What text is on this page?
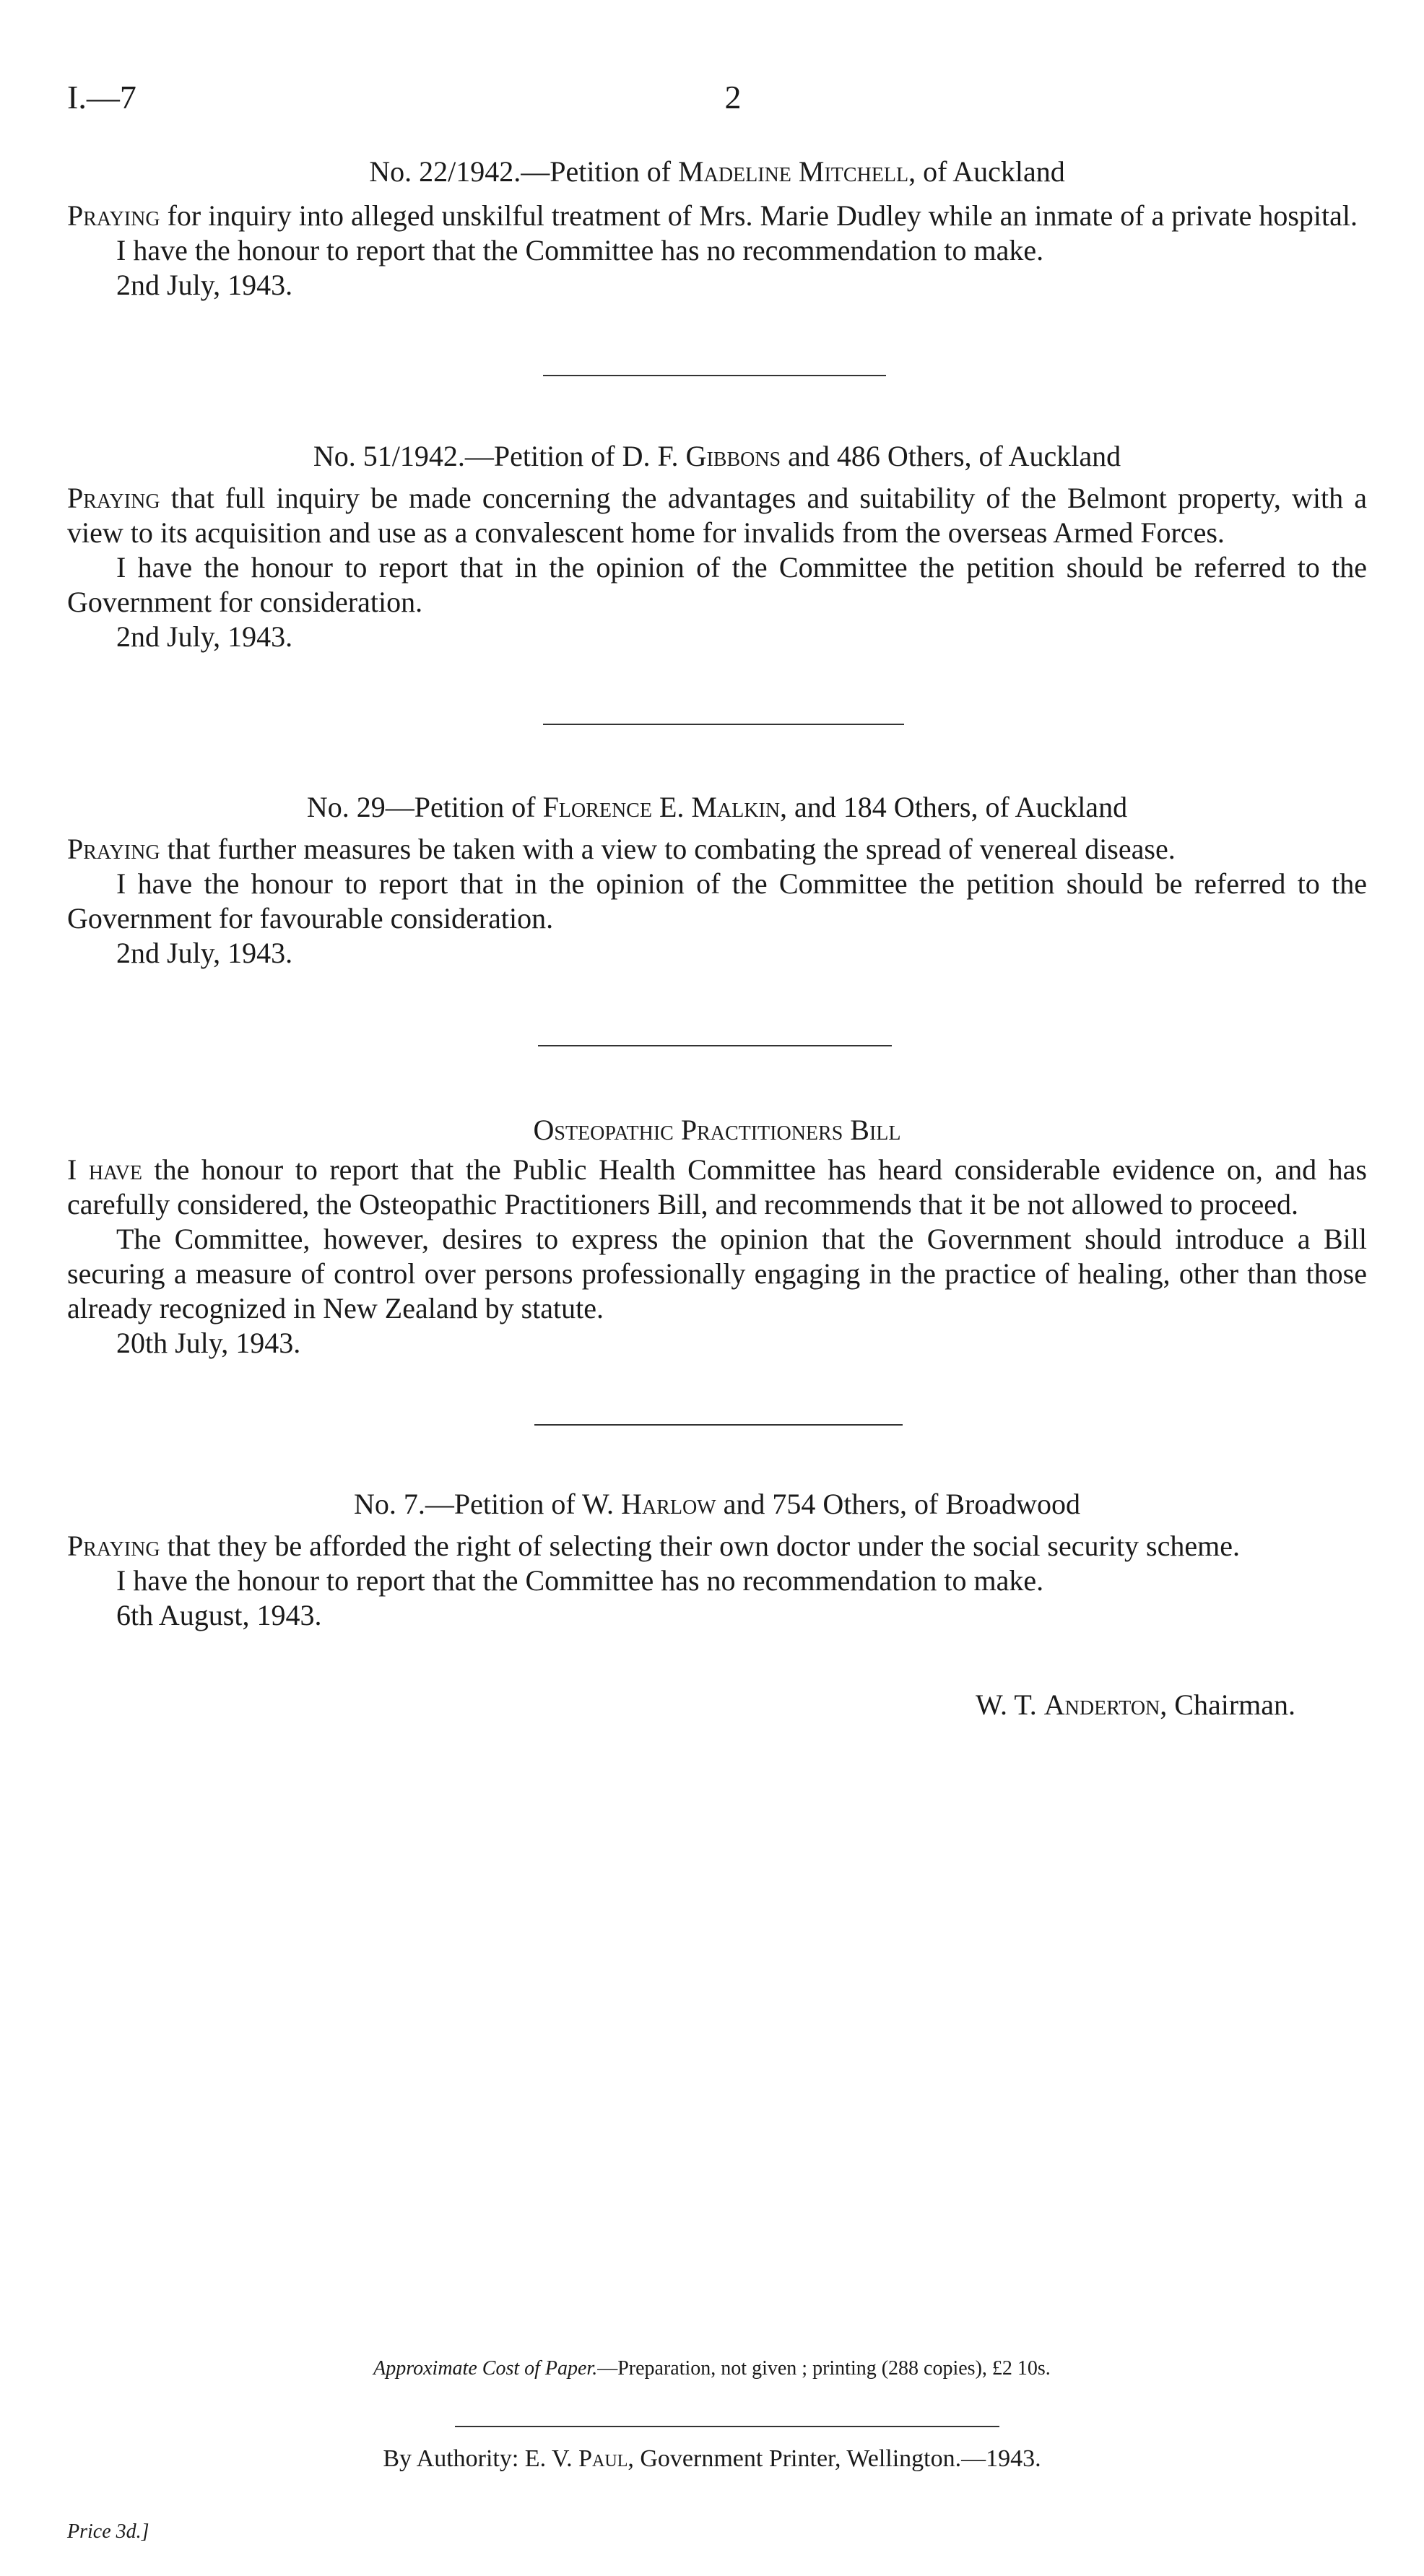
I.—7	2
No. 22/1942.—Petition of Madeline Mitchell, of Auckland

Praying for inquiry into alleged unskilful treatment of Mrs. Marie Dudley while an inmate of a private hospital.

I have the honour to report that the Committee has no recommendation to make.

2nd July, 1943.
No. 51/1942.—Petition of D. F. Gibbons and 486 Others, of Auckland

Praying that full inquiry be made concerning the advantages and suitability of the Belmont property, with a view to its acquisition and use as a convalescent home for invalids from the overseas Armed Forces.

I have the honour to report that in the opinion of the Committee the petition should be referred to the Government for consideration.

2nd July, 1943.
No. 29—Petition of Florence E. Malkin, and 184 Others, of Auckland

Praying that further measures be taken with a view to combating the spread of venereal disease.

I have the honour to report that in the opinion of the Committee the petition should be referred to the Government for favourable consideration.

2nd July, 1943.
Osteopathic Practitioners Bill

I have the honour to report that the Public Health Committee has heard considerable evidence on, and has carefully considered, the Osteopathic Practitioners Bill, and recommends that it be not allowed to proceed.

The Committee, however, desires to express the opinion that the Government should introduce a Bill securing a measure of control over persons professionally engaging in the practice of healing, other than those already recognized in New Zealand by statute.

20th July, 1943.
No. 7.—Petition of W. Harlow and 754 Others, of Broadwood

Praying that they be afforded the right of selecting their own doctor under the social security scheme.

I have the honour to report that the Committee has no recommendation to make.

6th August, 1943.
W. T. Anderton, Chairman.
Approximate Cost of Paper.—Preparation, not given ; printing (288 copies), £2 10s.
By Authority: E. V. Paul, Government Printer, Wellington.—1943.
Price 3d.]
